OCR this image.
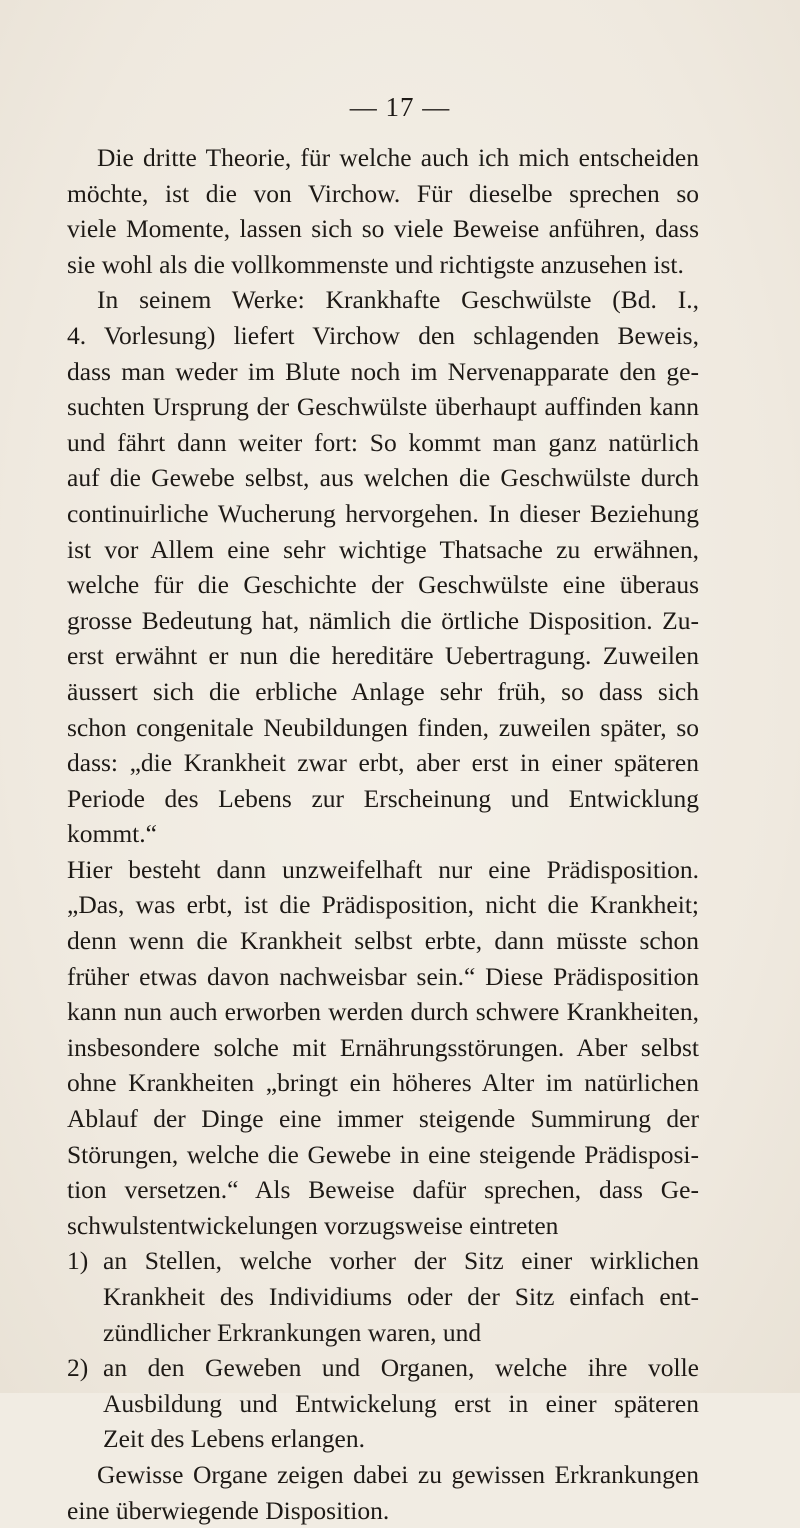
— 17 —

Die dritte Theorie, für welche auch ich mich entscheiden

möchte, ist die von Virchow. Für dieselbe sprechen so

viele Momente, lassen sich so viele Beweise anführen, dass

sie wohl als die vollkommenste und richtigste anzusehen ist.

In seinem Werke: Krankhafte Geschwülste (Bd. I.,

4. Vorlesung) liefert Virchow den schlagenden Beweis,

dass man weder im Blute noch im Nervenapparate den ge-

suchten Ursprung der Geschwülste überhaupt auffinden kann

und fährt dann weiter fort: So kommt man ganz natürlich

auf die Gewebe selbst, aus welchen die Geschwülste durch

continuirliche Wucherung hervorgehen. In dieser Beziehung

ist vor Allem eine sehr wichtige Thatsache zu erwähnen,

welche für die Geschichte der Geschwülste eine überaus

grosse Bedeutung hat, nämlich die örtliche Disposition. Zu-

erst erwähnt er nun die hereditäre Uebertragung. Zuweilen

äussert sich die erbliche Anlage sehr früh, so dass sich

schon congenitale Neubildungen finden, zuweilen später, so

dass: „die Krankheit zwar erbt, aber erst in einer späteren

Periode des Lebens zur Erscheinung und Entwicklung kommt.“

Hier besteht dann unzweifelhaft nur eine Prädisposition.

„Das, was erbt, ist die Prädisposition, nicht die Krankheit;

denn wenn die Krankheit selbst erbte, dann müsste schon

früher etwas davon nachweisbar sein.“ Diese Prädisposition

kann nun auch erworben werden durch schwere Krankheiten,

insbesondere solche mit Ernährungsstörungen. Aber selbst

ohne Krankheiten „bringt ein höheres Alter im natürlichen

Ablauf der Dinge eine immer steigende Summirung der

Störungen, welche die Gewebe in eine steigende Prädisposi-

tion versetzen.“ Als Beweise dafür sprechen, dass Ge-

schwulstentwickelungen vorzugsweise eintreten

1) an Stellen, welche vorher der Sitz einer wirklichen

Krankheit des Individiums oder der Sitz einfach ent-

zündlicher Erkrankungen waren, und

2) an den Geweben und Organen, welche ihre volle

Ausbildung und Entwickelung erst in einer späteren

Zeit des Lebens erlangen.

Gewisse Organe zeigen dabei zu gewissen Erkrankungen

eine überwiegende Disposition.
